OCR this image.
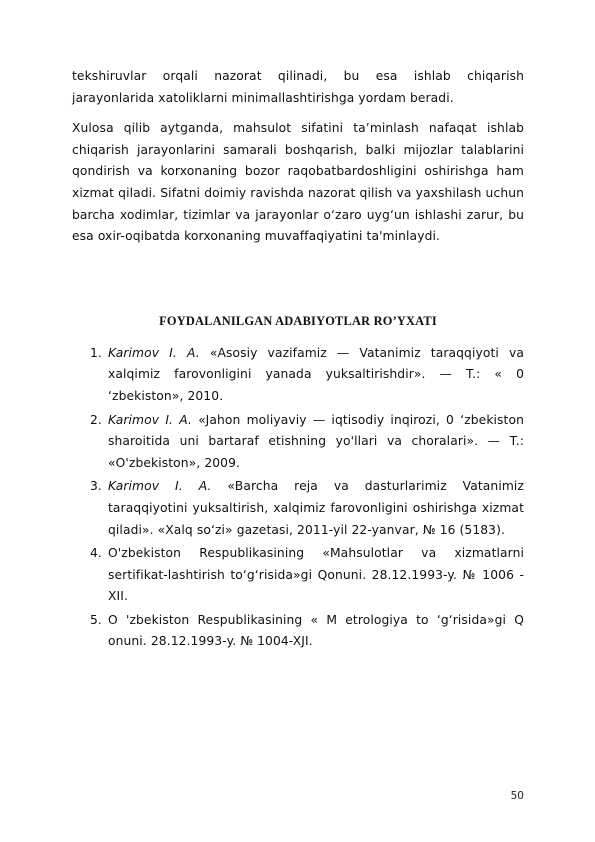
tekshiruvlar orqali nazorat qilinadi, bu esa ishlab chiqarish jarayonlarida xatoliklarni minimallashtirishga yordam beradi.

Xulosa qilib aytganda, mahsulot sifatini ta’minlash nafaqat ishlab chiqarish jarayonlarini samarali boshqarish, balki mijozlar talablarini qondirish va korxonaning bozor raqobatbardoshligini oshirishga ham xizmat qiladi. Sifatni doimiy ravishda nazorat qilish va yaxshilash uchun barcha xodimlar, tizimlar va jarayonlar o‘zaro uyg‘un ishlashi zarur, bu esa oxir-oqibatda korxonaning muvaffaqiyatini ta'minlaydi.

FOYDALANILGAN ADABIYOTLAR RO’YXATI
1. Karimov I. A. «Asosiy vazifamiz — Vatanimiz taraqqiyoti va xalqimiz farovonligini yanada yuksaltirishdir». — T.: « 0 ‘zbekiston», 2010.
2. Karimov I. A. «Jahon moliyaviy — iqtisodiy inqirozi, 0 ‘zbekiston sharoitida uni bartaraf etishning yo'llari va choralari». — T.: «O'zbekiston», 2009.
3. Karimov I. A. «Barcha reja va dasturlarimiz Vatanimiz taraqqiyotini yuksaltirish, xalqimiz farovonligini oshirishga xizmat qiladi». «Xalq so‘zi» gazetasi, 2011-yil 22-yanvar, № 16 (5183).
4. O'zbekiston Respublikasining «Mahsulotlar va xizmatlarni sertifikat-lashtirish to‘g‘risida»gi Qonuni. 28.12.1993-y. № 1006 - XII.
5. O 'zbekiston Respublikasining « M etrologiya to ‘g‘risida»gi Q onuni. 28.12.1993-y. № 1004-XJI.
50
